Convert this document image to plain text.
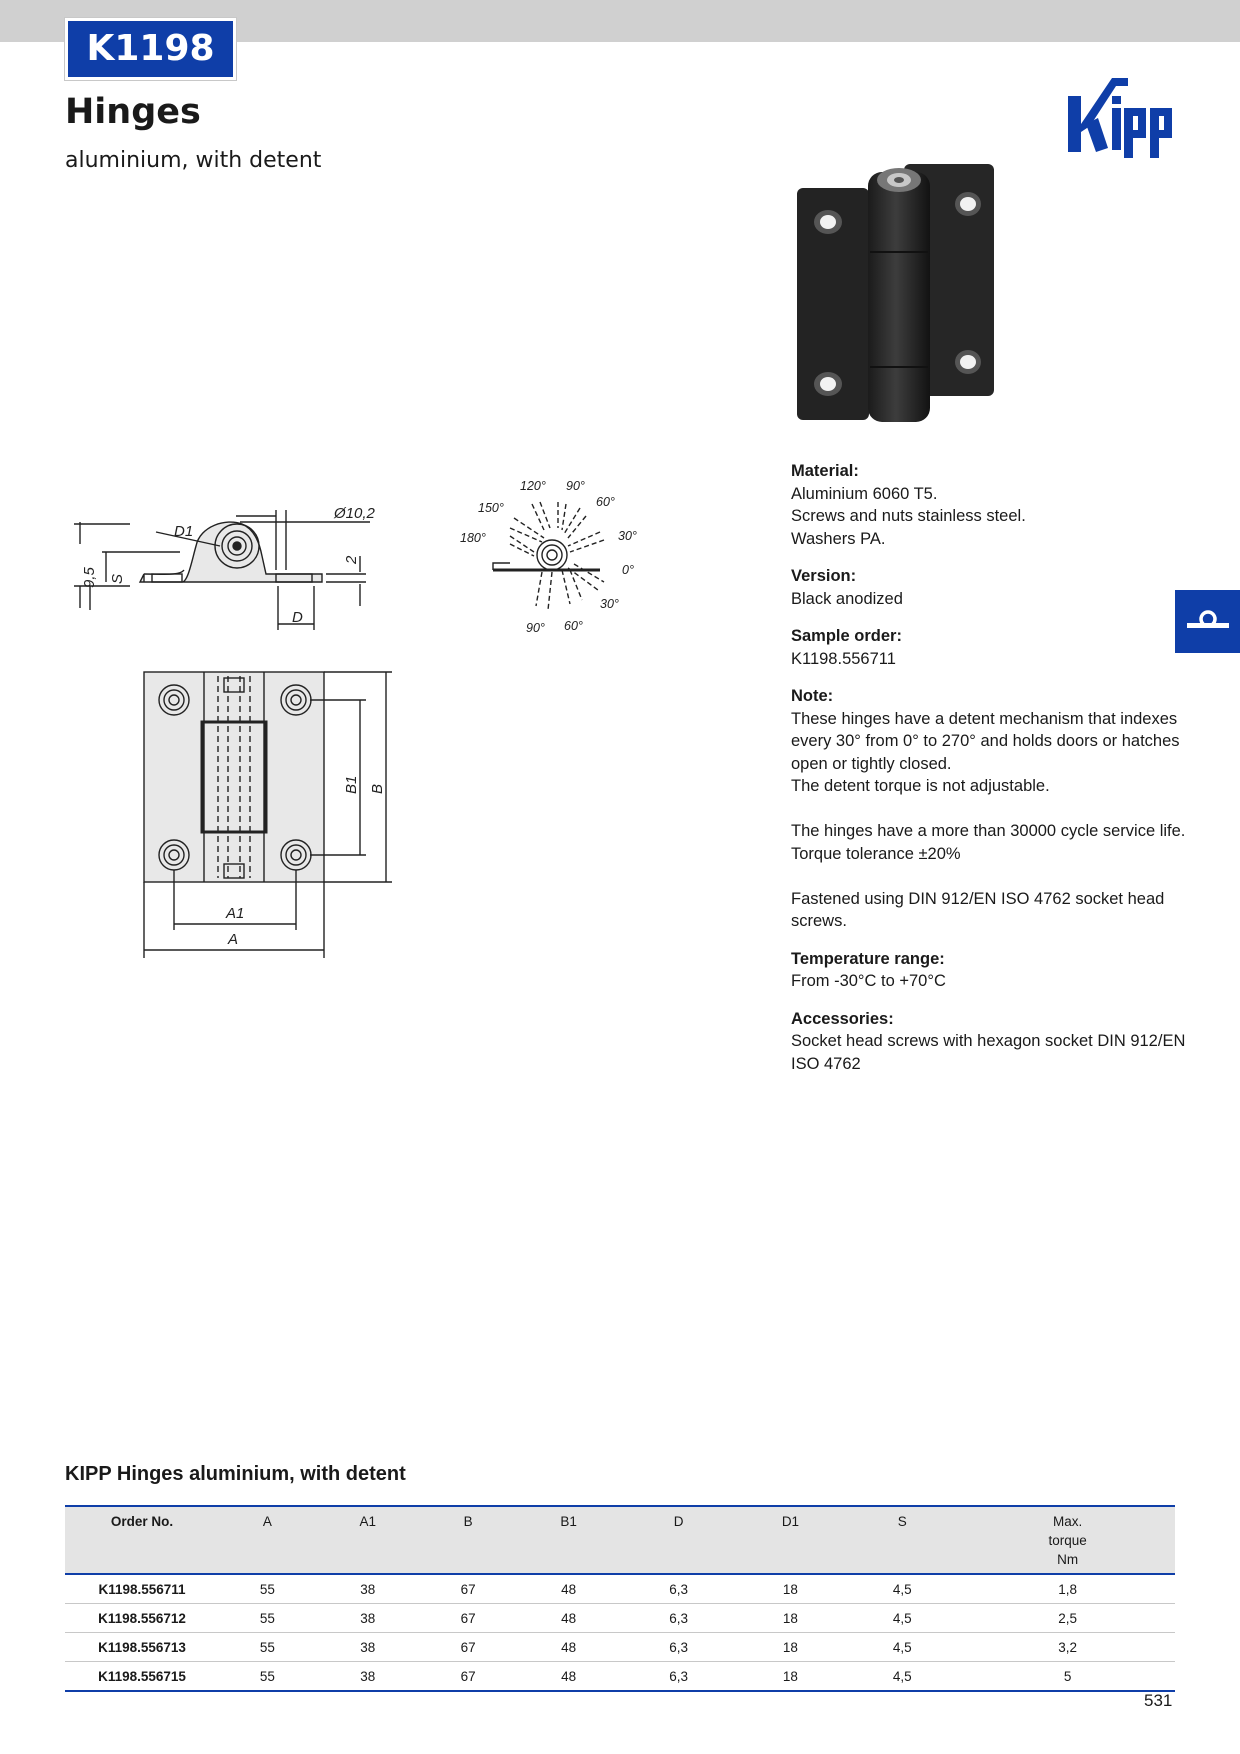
K1198
Hinges
aluminium, with detent
Ø10,2
D1
9,5 S
2
D
B1 B
A1
A
120° 90°
60°
150°
30°
180°
0°
30°
90° 60°
Material:
Aluminium 6060 T5.
Screws and nuts stainless steel.
Washers PA.
Version:
Black anodized
Sample order:
K1198.556711
Note:
These hinges have a detent mechanism that indexes
every 30° from 0° to 270° and holds doors or hatches
open or tightly closed.
The detent torque is not adjustable.
The hinges have a more than 30000 cycle service life.
Torque tolerance ±20%
Fastened using DIN 912/EN ISO 4762 socket head
screws.
Temperature range:
From -30°C to +70°C
Accessories:
Socket head screws with hexagon socket DIN 912/EN
ISO 4762
KIPP Hinges aluminium, with detent
Order No.	A	A1	B	B1	D	D1	S	Max.
torque
Nm

K1198.556711	55	38	67	48	6,3	18	4,5	1,8
K1198.556712	55	38	67	48	6,3	18	4,5	2,5
K1198.556713	55	38	67	48	6,3	18	4,5	3,2
K1198.556715	55	38	67	48	6,3	18	4,5	5
531
